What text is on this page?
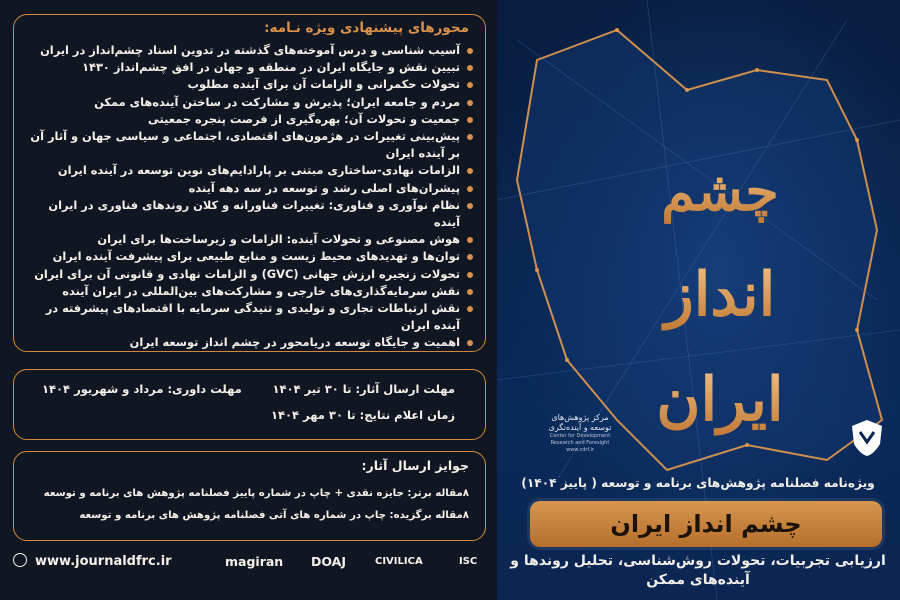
محورهای پیشنهادی ویژه نـامه:
آسیب شناسی و درس آموخته‌های گذشته در تدوین اسناد چشم‌انداز در ایران
تبیین نقش و جایگاه ایران در منطقه و جهان در افق چشم‌انداز ۱۴۳۰
تحولات حکمرانی و الزامات آن برای آینده مطلوب
مردم و جامعه ایران؛ پذیرش و مشارکت در ساختن آینده‌های ممکن
جمعیت و تحولات آن؛ بهره‌گیری از فرصت پنجره جمعیتی
پیش‌بینی تغییرات در هژمون‌های اقتصادی، اجتماعی و سیاسی جهان و آثار آن بر آینده ایران
الزامات نهادی-ساختاری مبتنی بر پارادایم‌های نوین توسعه در آینده ایران
پیشران‌های اصلی رشد و توسعه در سه دهه آینده
نظام نوآوری و فناوری: تغییرات فناورانه و کلان روندهای فناوری در ایران آینده
هوش مصنوعی و تحولات آینده: الزامات و زیرساخت‌ها برای ایران
توان‌ها و تهدیدهای محیط زیست و منابع طبیعی برای پیشرفت آینده ایران
تحولات زنجیره ارزش جهانی (GVC) و الزامات نهادی و قانونی آن برای ایران
نقش سرمایه‌گذاری‌های خارجی و مشارکت‌های بین‌المللی در ایران آینده
نقش ارتباطات تجاری و تولیدی و تنیدگی سرمایه با اقتصادهای پیشرفته در آینده ایران
اهمیت و جایگاه توسعه دریامحور در چشم انداز توسعه ایران
مهلت ارسال آثار: تا ۳۰ تیر ۱۴۰۴
مهلت داوری: مرداد و شهریور ۱۴۰۴
زمان اعلام نتایج: تا ۳۰ مهر ۱۴۰۴
جوایز ارسال آثار:
۸مقاله برتر: جایزه نقدی + چاپ در شماره پاییز فصلنامه پژوهش های برنامه و توسعه
۸مقاله برگزیده: چاپ در شماره های آتی فصلنامه پژوهش های برنامه و توسعه
www.journaldfrc.ir	magiran DOAJ	CIVILICA	ISC
چشم
انداز
ایران
مرکز پژوهش‌های
توسعه و آینده‌نگری
Center for Development Research and Foresight
www.cdrf.ir
ویژه‌نامه فصلنامه پژوهش‌های برنامه و توسعه ( پاییز ۱۴۰۴)
چشم انداز ایران
ارزیابی تجربیات، تحولات روش‌شناسی، تحلیل روندها و آینده‌های ممکن
